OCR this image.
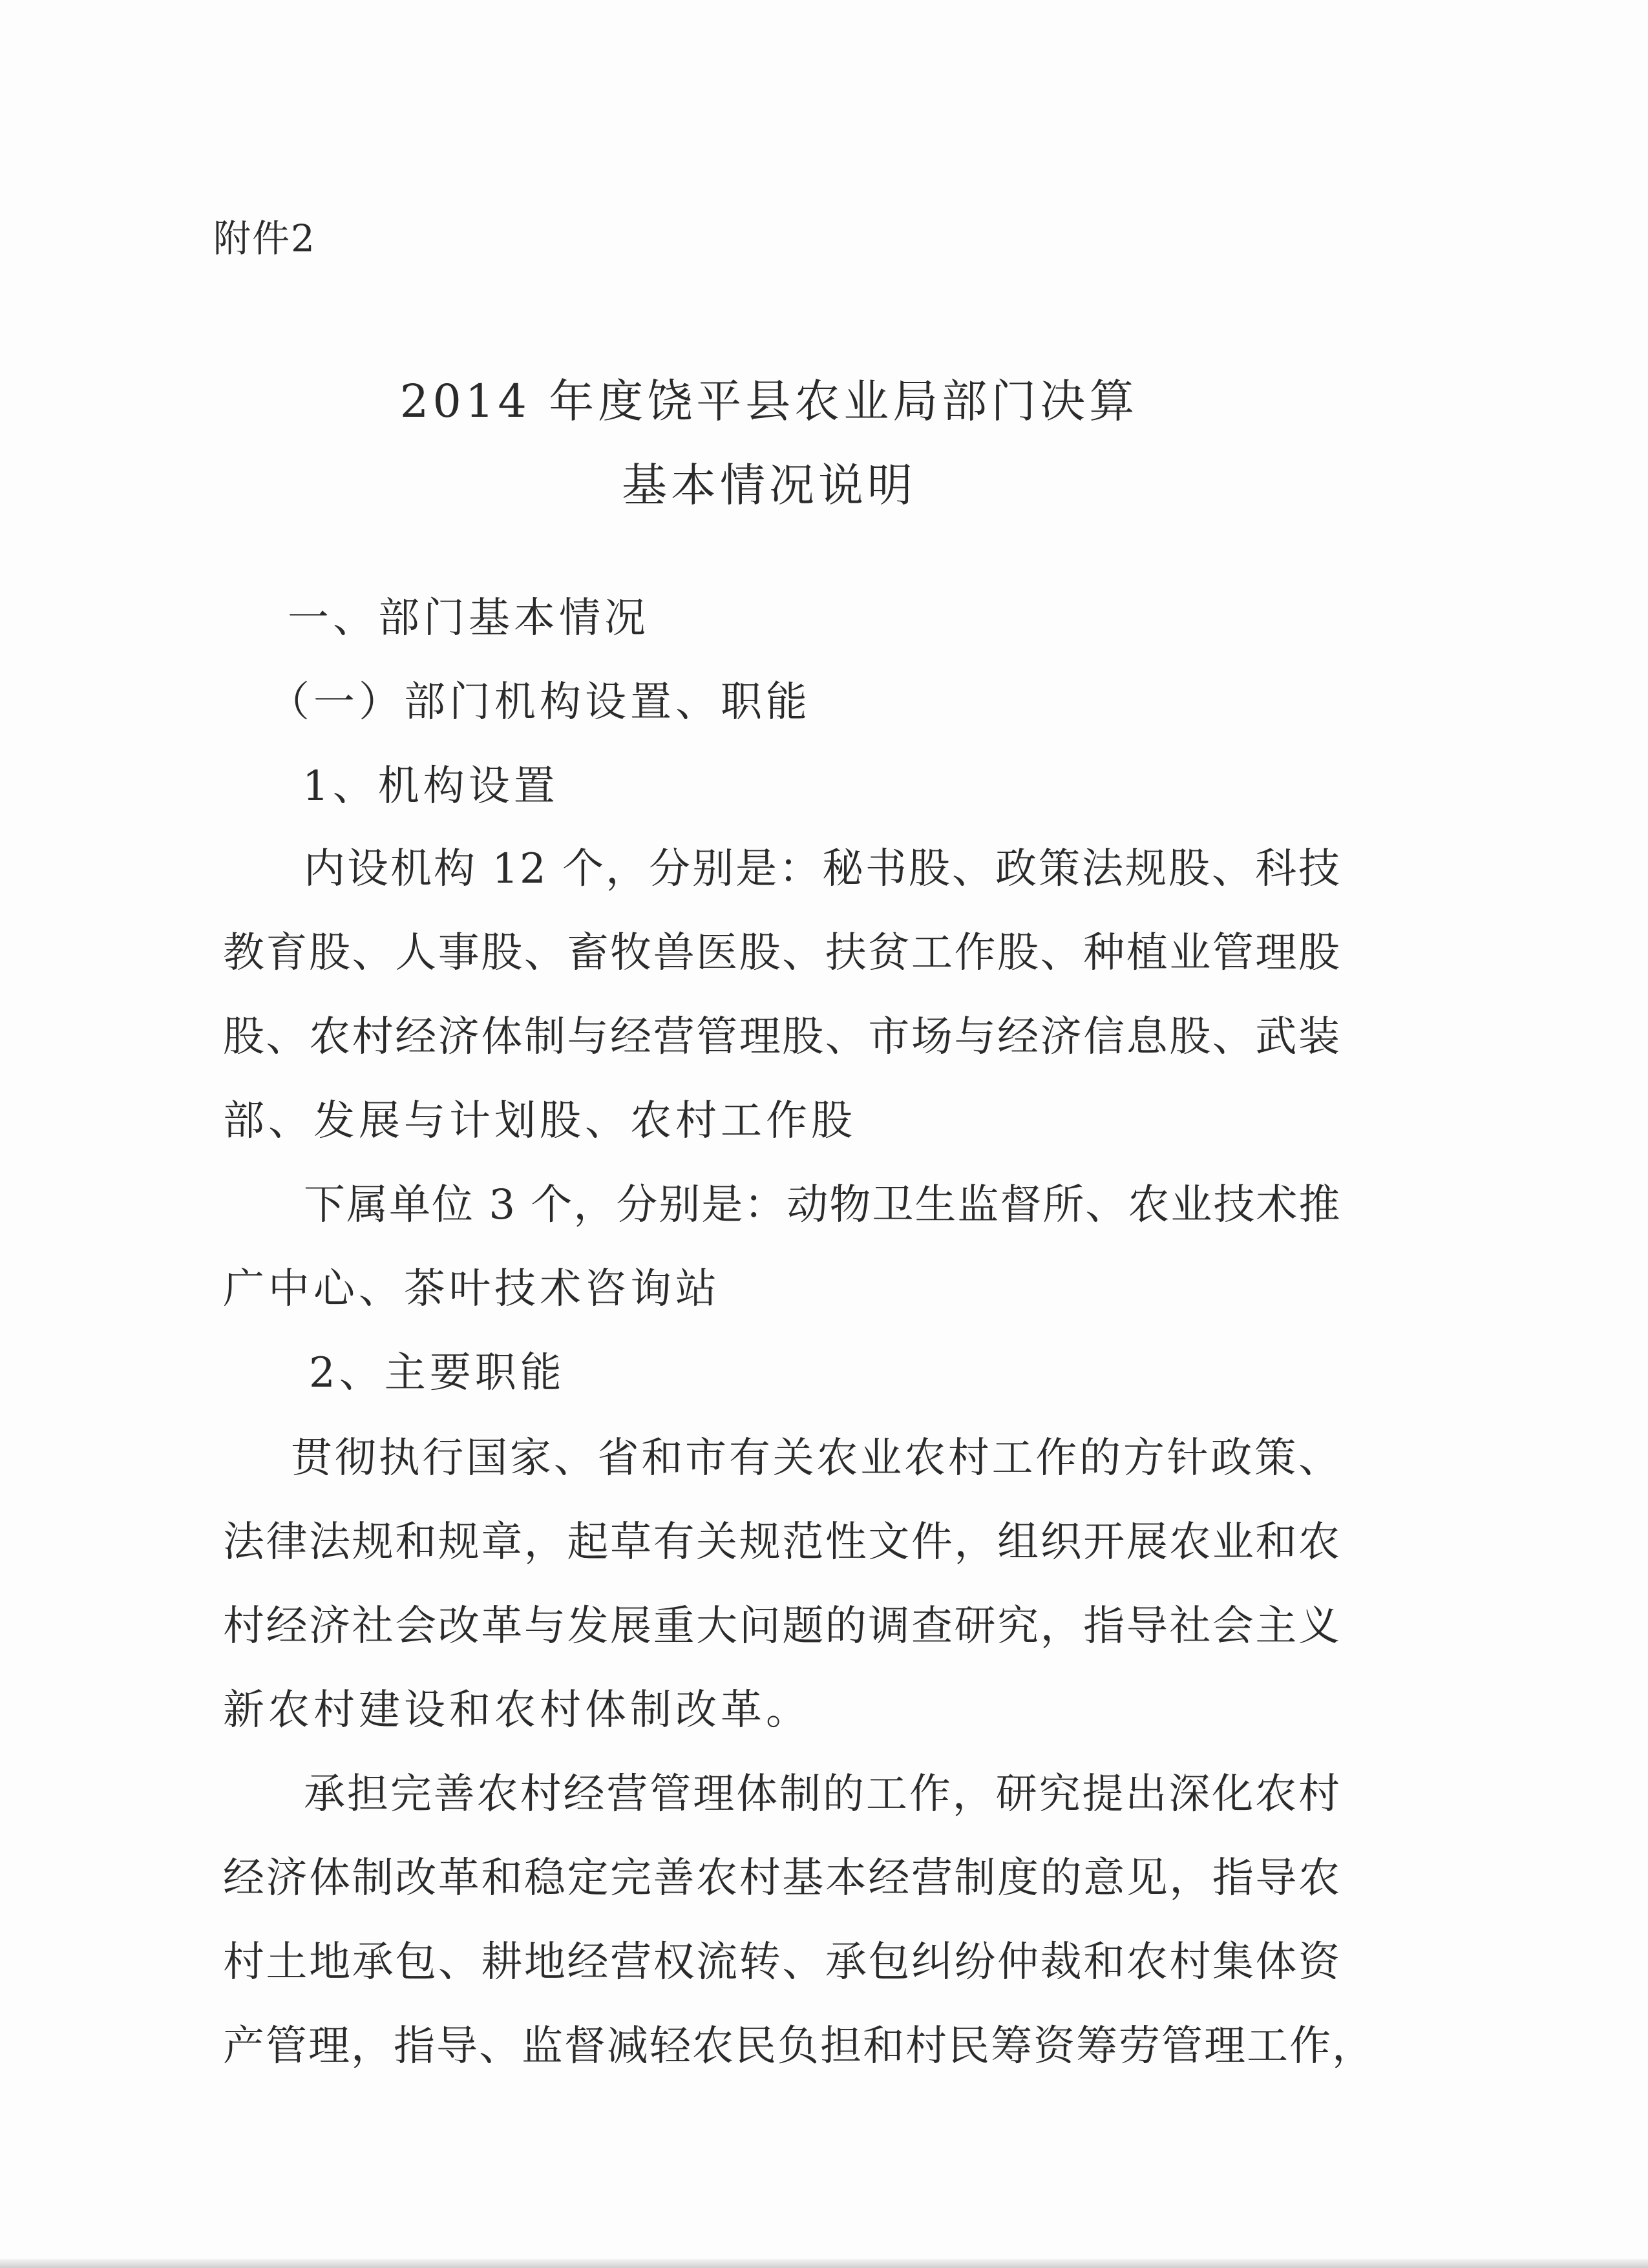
附件2
2014 年度饶平县农业局部门决算
基本情况说明
一、部门基本情况
（一）部门机构设置、职能
1、机构设置
内设机构 12 个，分别是：秘书股、政策法规股、科技
教育股、人事股、畜牧兽医股、扶贫工作股、种植业管理股
股、农村经济体制与经营管理股、市场与经济信息股、武装
部、发展与计划股、农村工作股
下属单位 3 个，分别是：动物卫生监督所、农业技术推
广中心、茶叶技术咨询站
2、主要职能
贯彻执行国家、省和市有关农业农村工作的方针政策、
法律法规和规章，起草有关规范性文件，组织开展农业和农
村经济社会改革与发展重大问题的调查研究，指导社会主义
新农村建设和农村体制改革。
承担完善农村经营管理体制的工作，研究提出深化农村
经济体制改革和稳定完善农村基本经营制度的意见，指导农
村土地承包、耕地经营权流转、承包纠纷仲裁和农村集体资
产管理，指导、监督减轻农民负担和村民筹资筹劳管理工作，
